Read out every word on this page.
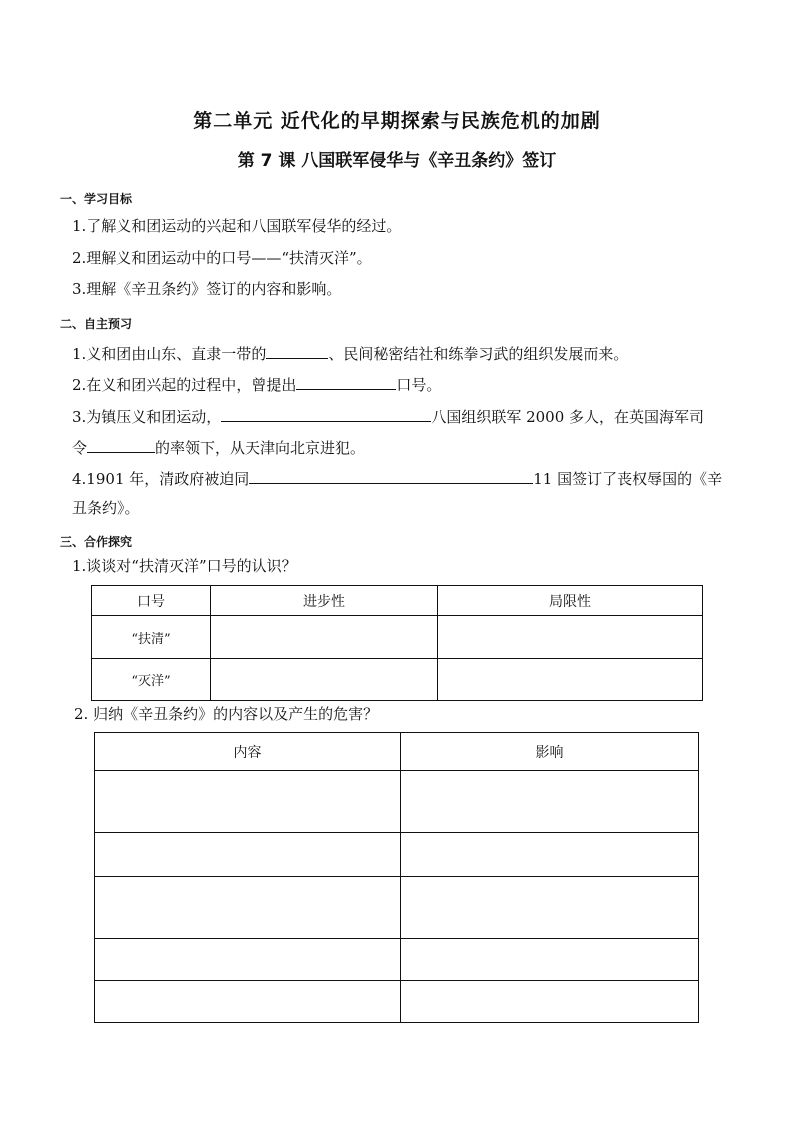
第二单元 近代化的早期探索与民族危机的加剧
第 7 课 八国联军侵华与《辛丑条约》签订
一、学习目标
1.了解义和团运动的兴起和八国联军侵华的经过。
2.理解义和团运动中的口号——“扶清灭洋”。
3.理解《辛丑条约》签订的内容和影响。
二、自主预习
1.义和团由山东、直隶一带的	、民间秘密结社和练拳习武的组织发展而来。
2.在义和团兴起的过程中，曾提出	口号。
3.为镇压义和团运动，	八国组织联军 2000 多人，在英国海军司
令	的率领下，从天津向北京进犯。
4.1901 年，清政府被迫同	11 国签订了丧权辱国的《辛
丑条约》。
三、合作探究
1.谈谈对“扶清灭洋”口号的认识？
口号	进步性	局限性
“扶清”		
“灭洋”		
2. 归纳《辛丑条约》的内容以及产生的危害？
内容	影响
